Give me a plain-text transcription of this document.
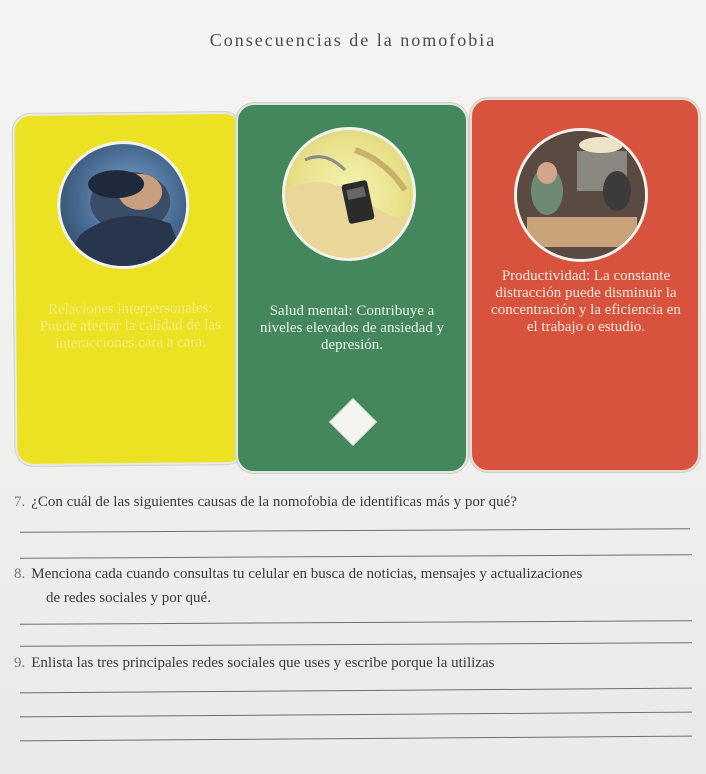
Consecuencias de la nomofobia
Relaciones interpersonales: Puede afectar la calidad de las interacciones cara a cara.
Salud mental: Contribuye a niveles elevados de ansiedad y depresión.
Productividad: La constante distracción puede disminuir la concentración y la eficiencia en el trabajo o estudio.
7. ¿Con cuál de las siguientes causas de la nomofobia de identificas más y por qué?
8. Menciona cada cuando consultas tu celular en busca de noticias, mensajes y actualizaciones
de redes sociales y por qué.
9. Enlista las tres principales redes sociales que uses y escribe porque la utilizas
